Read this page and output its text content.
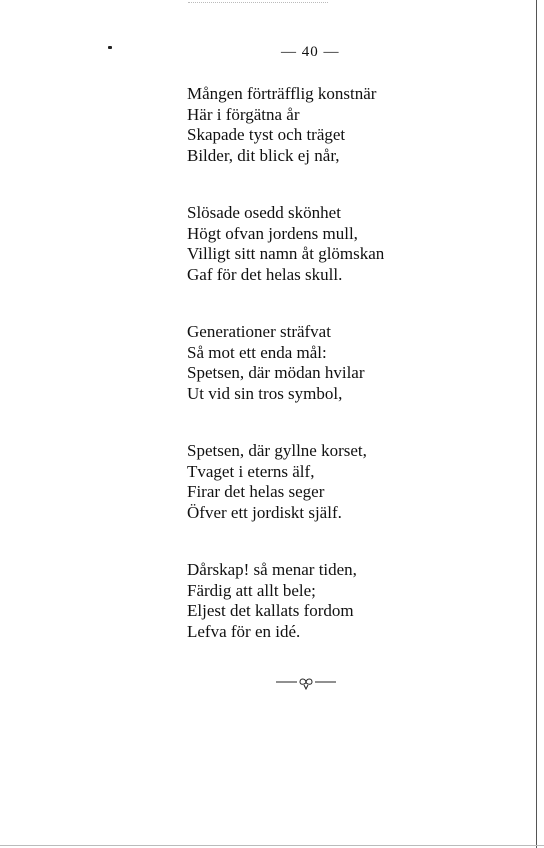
— 40 —

Mången förträfflig konstnär
Här i förgätna år
Skapade tyst och träget
Bilder, dit blick ej når,
Slösade osedd skönhet
Högt ofvan jordens mull,
Villigt sitt namn åt glömskan
Gaf för det helas skull.
Generationer sträfvat
Så mot ett enda mål:
Spetsen, där mödan hvilar
Ut vid sin tros symbol,
Spetsen, där gyllne korset,
Tvaget i eterns älf,
Firar det helas seger
Öfver ett jordiskt själf.
Dårskap! så menar tiden,
Färdig att allt bele;
Eljest det kallats fordom
Lefva för en idé.
